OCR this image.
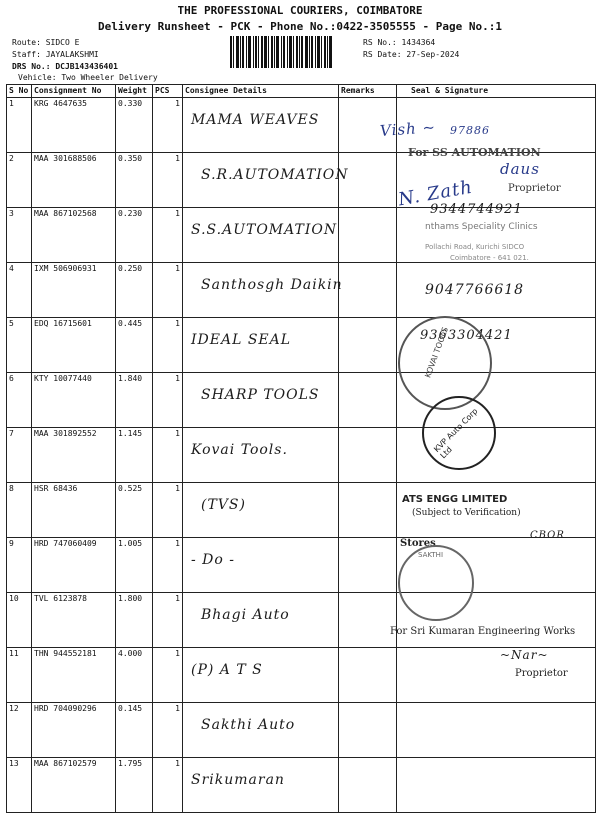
THE PROFESSIONAL COURIERS, COIMBATORE
Delivery Runsheet - PCK - Phone No.:0422-3505555 - Page No.:1
Route: SIDCO E
Staff: JAYALAKSHMI
DRS No.: DCJB143436401
Vehicle: Two Wheeler Delivery
RS No.: 1434364
RS Date: 27-Sep-2024
S No	Consignment No	Weight	PCS	Consignee Details	Remarks	Seal & Signature
1	KRG 4647635	0.330	1	MAMA WEAVES		
2	MAA 301688506	0.350	1	S.R.AUTOMATION		
3	MAA 867102568	0.230	1	S.S.AUTOMATION		
4	IXM 506906931	0.250	1	Santhosgh Daikin		
5	EDQ 16715601	0.445	1	IDEAL SEAL		
6	KTY 10077440	1.840	1	SHARP TOOLS		
7	MAA 301892552	1.145	1	Kovai Tools.		
8	HSR 68436	0.525	1	(TVS)		
9	HRD 747060409	1.005	1	- Do -		
10	TVL 6123878	1.800	1	Bhagi Auto		
11	THN 944552181	4.000	1	(P) A T S		
12	HRD 704090296	0.145	1	Sakthi Auto		
13	MAA 867102579	1.795	1	Srikumaran		
Vish ~ 97886
For SS AUTOMATION
daus
Proprietor
N. Zath
9344744921
nthams Speciality Clinics
Pollachi Road, Kurichi SIDCO
Coimbatore - 641 021.
9047766618
9363304421
KOVAI TOOLS
KVP Auto Corp Ltd
ATS ENGG LIMITED
(Subject to Verification)
Stores
CBOR
SAKTHI
For Sri Kumaran Engineering Works
~Nar~
Proprietor
